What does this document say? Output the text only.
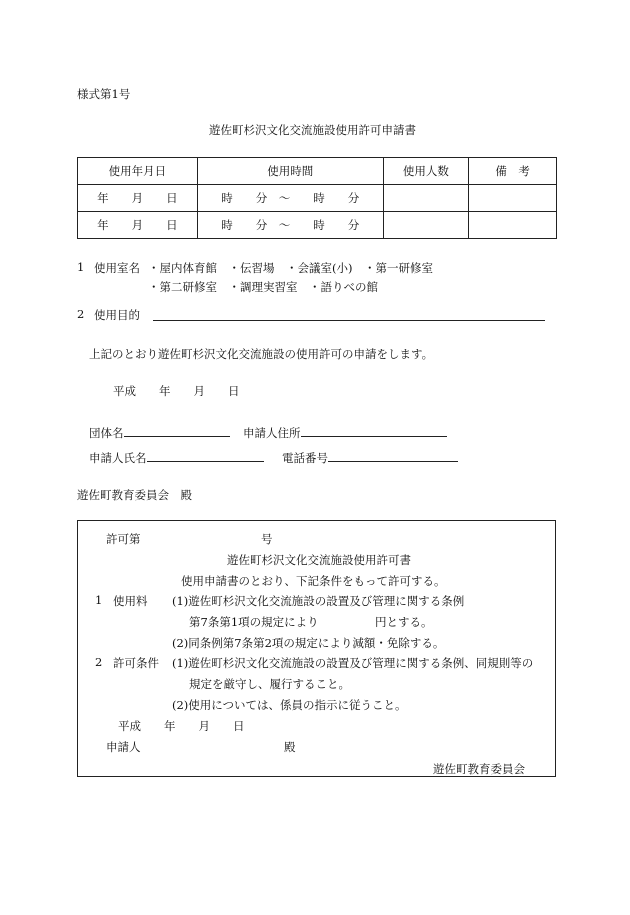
様式第1号
遊佐町杉沢文化交流施設使用許可申請書
使用年月日	使用時間	使用人数	備　考
年　　月　　日	時　　分　～　　時　　分		
年　　月　　日	時　　分　～　　時　　分		
1 使用室名 ・屋内体育館　・伝習場　・会議室(小)　・第一研修室
・第二研修室　・調理実習室　・語りべの館
2 使用目的
上記のとおり遊佐町杉沢文化交流施設の使用許可の申請をします。
平成　　年　　月　　日
団体名	申請人住所
申請人氏名	電話番号
遊佐町教育委員会　殿
許可第	号
遊佐町杉沢文化交流施設使用許可書
使用申請書のとおり、下記条件をもって許可する。
1 使用料 (1)遊佐町杉沢文化交流施設の設置及び管理に関する条例
第7条第1項の規定により	円とする。
(2)同条例第7条第2項の規定により減額・免除する。
2 許可条件 (1)遊佐町杉沢文化交流施設の設置及び管理に関する条例、同規則等の
規定を厳守し、履行すること。
(2)使用については、係員の指示に従うこと。
平成　　年　　月　　日
申請人	殿
遊佐町教育委員会
